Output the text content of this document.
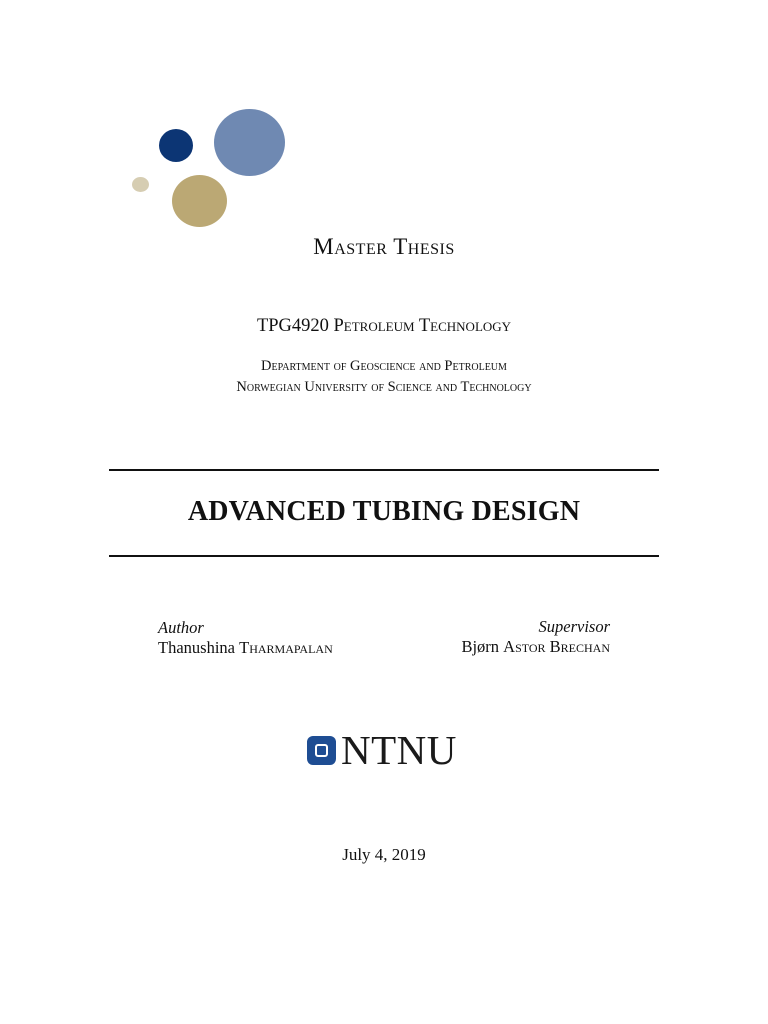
Master Thesis
TPG4920 Petroleum Technology
Department of Geoscience and Petroleum
Norwegian University of Science and Technology
ADVANCED TUBING DESIGN
Author
Thanushina Tharmapalan
Supervisor
Bjørn Astor Brechan
NTNU
July 4, 2019
